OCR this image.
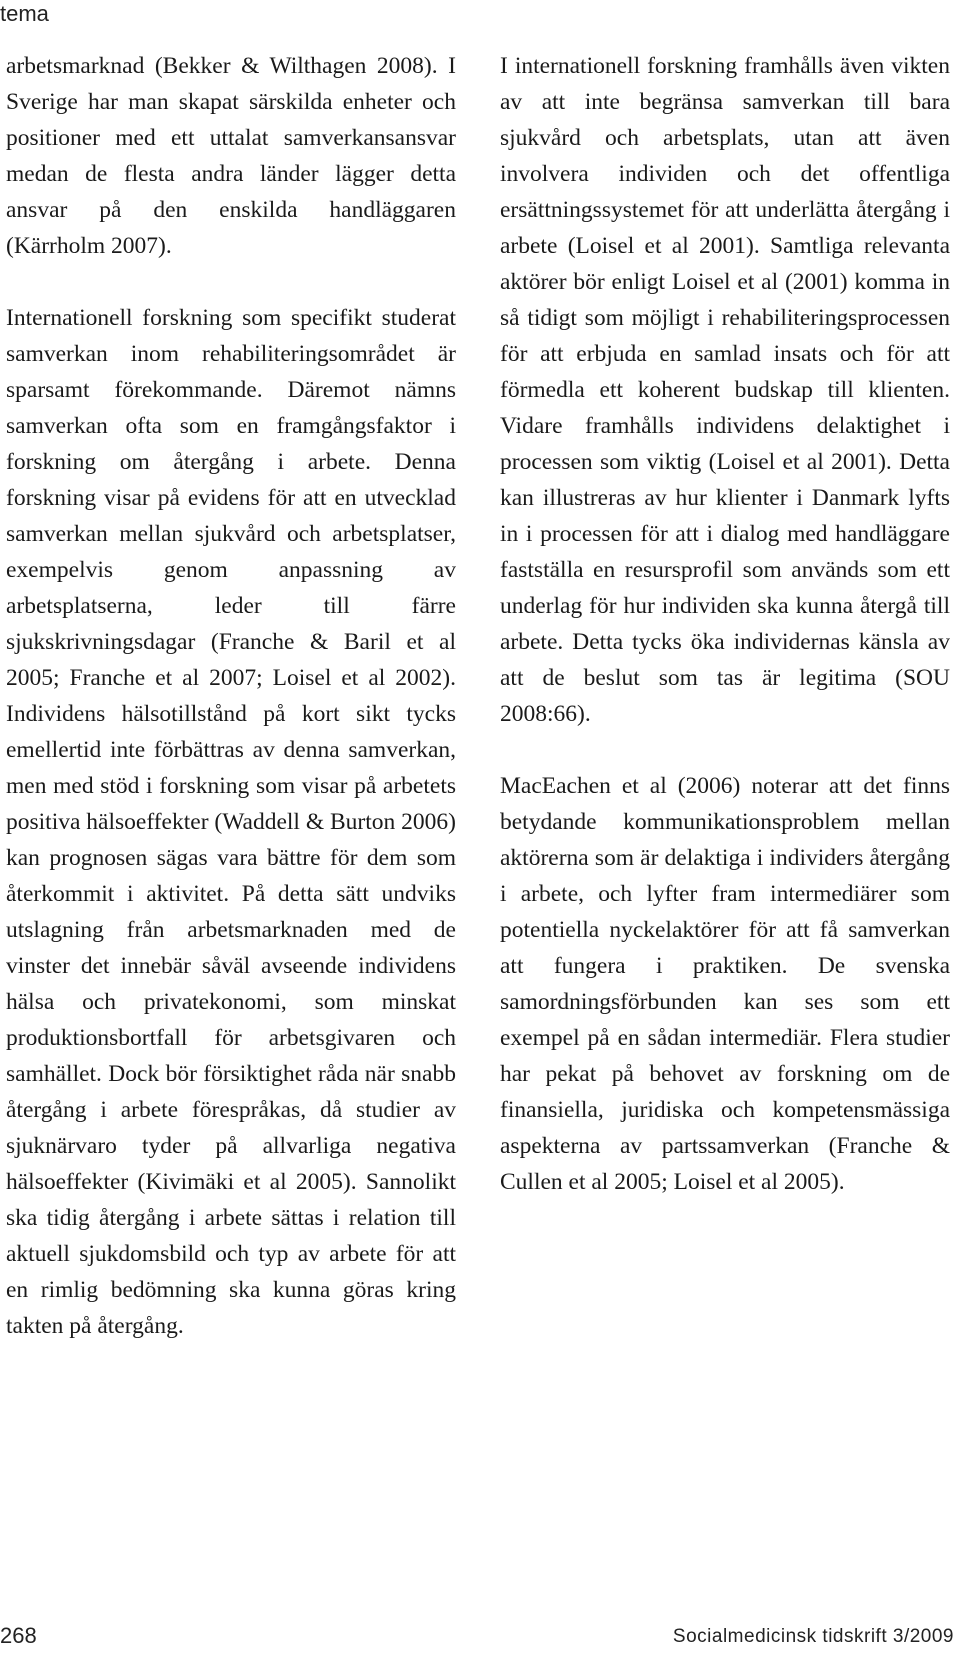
tema

arbetsmarknad (Bekker & Wilthagen 2008). I Sverige har man skapat särskilda enheter och positioner med ett uttalat samverkansansvar medan de flesta andra länder lägger detta ansvar på den enskilda handläggaren (Kärrholm 2007).

Internationell forskning som specifikt studerat samverkan inom rehabiliteringsområdet är sparsamt förekommande. Däremot nämns samverkan ofta som en framgångsfaktor i forskning om återgång i arbete. Denna forskning visar på evidens för att en utvecklad samverkan mellan sjukvård och arbetsplatser, exempelvis genom anpassning av arbetsplatserna, leder till färre sjukskrivningsdagar (Franche & Baril et al 2005; Franche et al 2007; Loisel et al 2002). Individens hälsotillstånd på kort sikt tycks emellertid inte förbättras av denna samverkan, men med stöd i forskning som visar på arbetets positiva hälsoeffekter (Waddell & Burton 2006) kan prognosen sägas vara bättre för dem som återkommit i aktivitet. På detta sätt undviks utslagning från arbetsmarknaden med de vinster det innebär såväl avseende individens hälsa och privatekonomi, som minskat produktionsbortfall för arbetsgivaren och samhället. Dock bör försiktighet råda när snabb återgång i arbete förespråkas, då studier av sjuknärvaro tyder på allvarliga negativa hälsoeffekter (Kivimäki et al 2005). Sannolikt ska tidig återgång i arbete sättas i relation till aktuell sjukdomsbild och typ av arbete för att en rimlig bedömning ska kunna göras kring takten på återgång.

I internationell forskning framhålls även vikten av att inte begränsa samverkan till bara sjukvård och arbetsplats, utan att även involvera individen och det offentliga ersättningssystemet för att underlätta återgång i arbete (Loisel et al 2001). Samtliga relevanta aktörer bör enligt Loisel et al (2001) komma in så tidigt som möjligt i rehabiliteringsprocessen för att erbjuda en samlad insats och för att förmedla ett koherent budskap till klienten. Vidare framhålls individens delaktighet i processen som viktig (Loisel et al 2001). Detta kan illustreras av hur klienter i Danmark lyfts in i processen för att i dialog med handläggare fastställa en resursprofil som används som ett underlag för hur individen ska kunna återgå till arbete. Detta tycks öka individernas känsla av att de beslut som tas är legitima (SOU 2008:66).

MacEachen et al (2006) noterar att det finns betydande kommunikationsproblem mellan aktörerna som är delaktiga i individers återgång i arbete, och lyfter fram intermediärer som potentiella nyckelaktörer för att få samverkan att fungera i praktiken. De svenska samordningsförbunden kan ses som ett exempel på en sådan intermediär. Flera studier har pekat på behovet av forskning om de finansiella, juridiska och kompetensmässiga aspekterna av partssamverkan (Franche & Cullen et al 2005; Loisel et al 2005).

268	Socialmedicinsk tidskrift 3/2009
